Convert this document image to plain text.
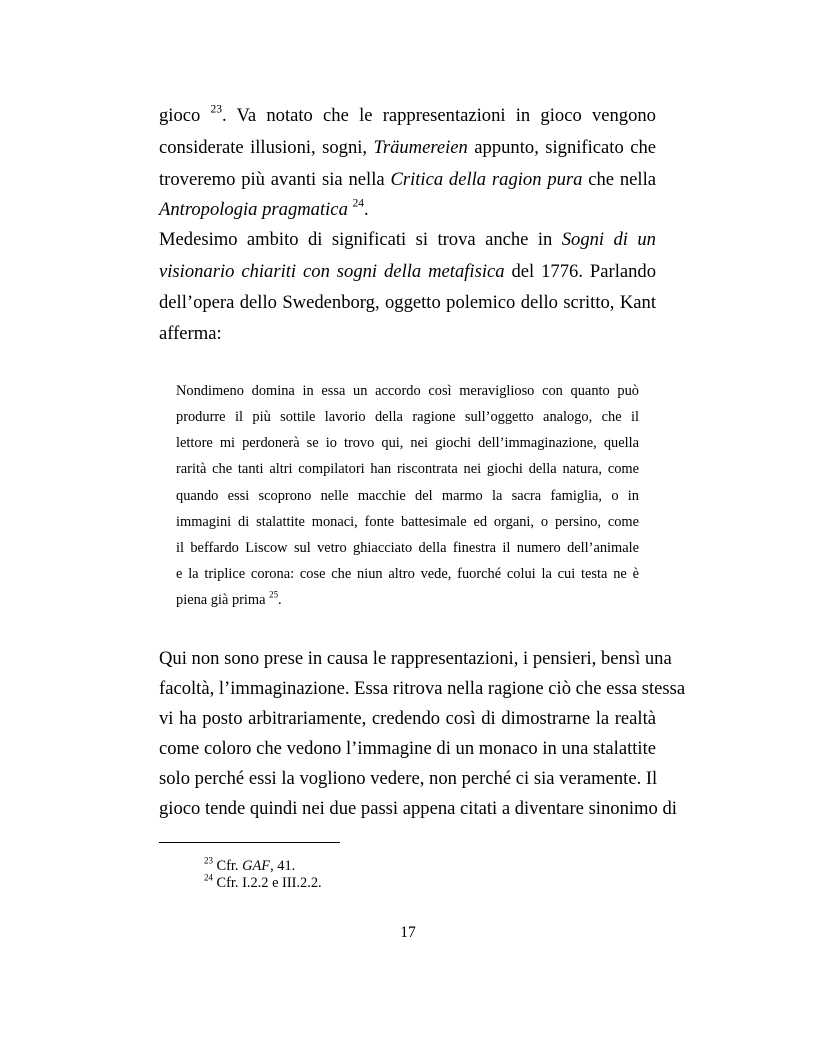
gioco $^{23}$. Va notato che le rappresentazioni in gioco vengono
considerate illusioni, sogni, Träumereien appunto, significato che
troveremo più avanti sia nella Critica della ragion pura che nella
Antropologia pragmatica $^{24}$.
Medesimo ambito di significati si trova anche in Sogni di un
visionario chiariti con sogni della metafisica del 1776. Parlando
dell’opera dello Swedenborg, oggetto polemico dello scritto, Kant
afferma:
Nondimeno domina in essa un accordo così meraviglioso con quanto può
produrre il più sottile lavorio della ragione sull’oggetto analogo, che il
lettore mi perdonerà se io trovo qui, nei giochi dell’immaginazione, quella
rarità che tanti altri compilatori han riscontrata nei giochi della natura, come
quando essi scoprono nelle macchie del marmo la sacra famiglia, o in
immagini di stalattite monaci, fonte battesimale ed organi, o persino, come
il beffardo Liscow sul vetro ghiacciato della finestra il numero dell’animale
e la triplice corona: cose che niun altro vede, fuorché colui la cui testa ne è
piena già prima $^{25}$.
Qui non sono prese in causa le rappresentazioni, i pensieri, bensì una
facoltà, l’immaginazione. Essa ritrova nella ragione ciò che essa stessa
vi ha posto arbitrariamente, credendo così di dimostrarne la realtà
come coloro che vedono l’immagine di un monaco in una stalattite
solo perché essi la vogliono vedere, non perché ci sia veramente. Il
gioco tende quindi nei due passi appena citati a diventare sinonimo di
$^{23}$ Cfr. GAF, 41.
$^{24}$ Cfr. I.2.2 e III.2.2.
17
